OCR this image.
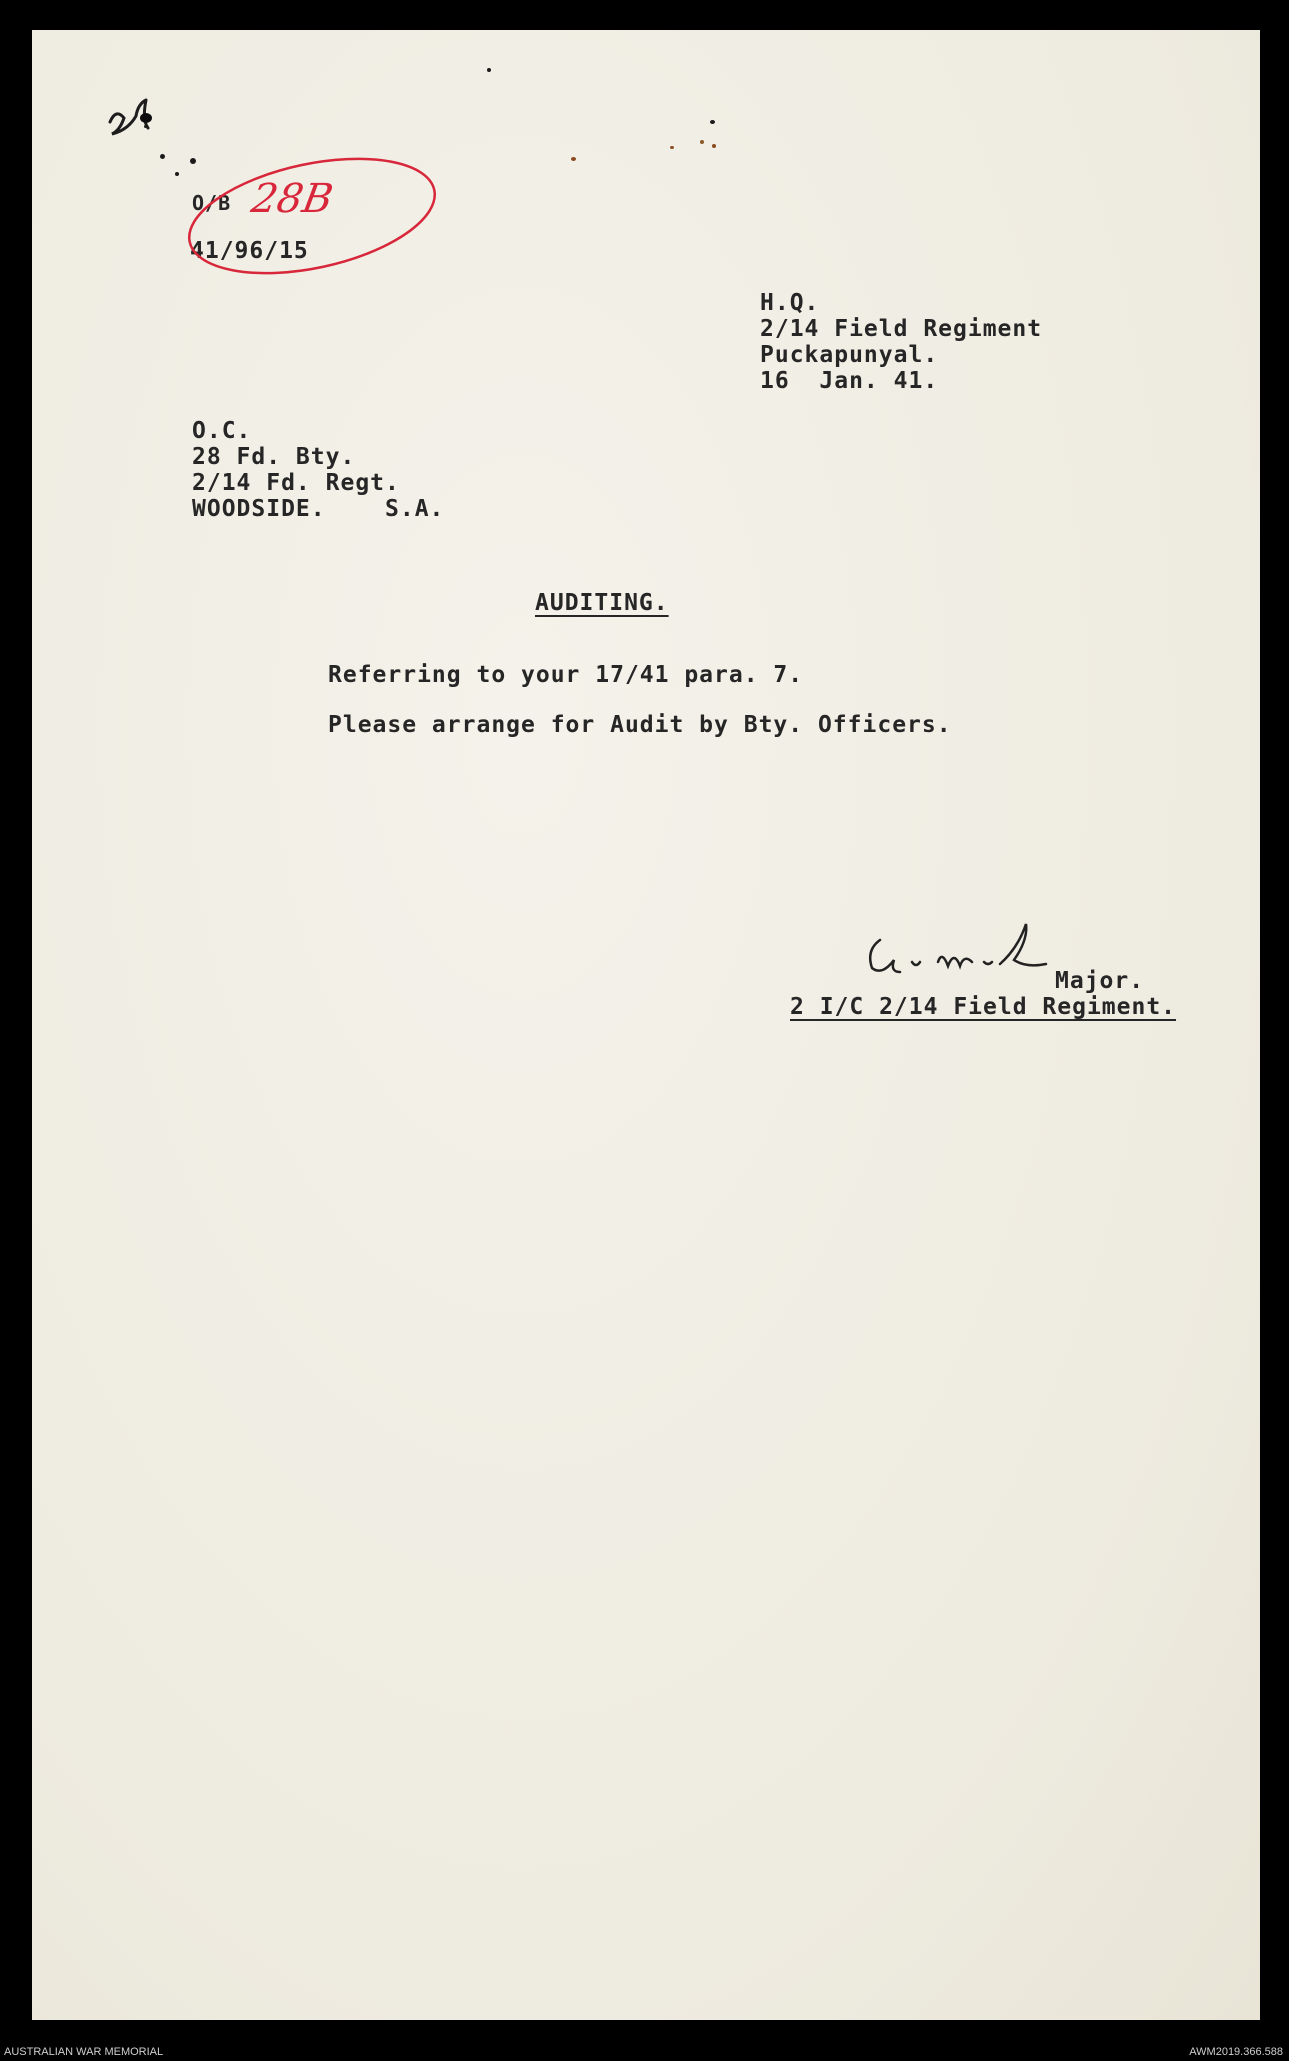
O/B 28B
41/96/15
H.Q.
2/14 Field Regiment
Puckapunyal.
16  Jan. 41.
O.C.
28 Fd. Bty.
2/14 Fd. Regt.
WOODSIDE.    S.A.
AUDITING.
Referring to your 17/41 para. 7.
Please arrange for Audit by Bty. Officers.
Major.
2 I/C 2/14 Field Regiment.
AUSTRALIAN WAR MEMORIAL	AWM2019.366.588
